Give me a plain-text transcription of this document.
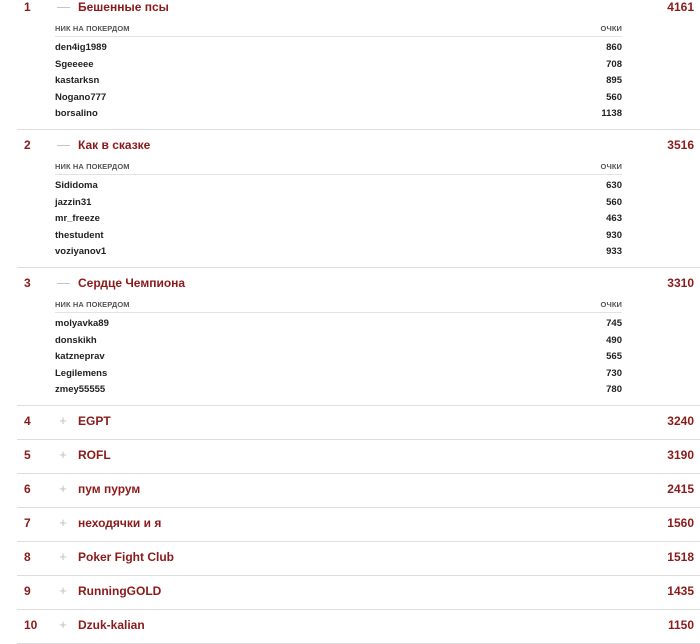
1 — Бешенные псы	4161
НИК НА ПОКЕРДОМ	ОЧКИ
den4ig1989	860
Sgeeeee	708
kastarksn	895
Nogano777	560
borsalino	1138
2 — Как в сказке	3516
НИК НА ПОКЕРДОМ	ОЧКИ
Sididoma	630
jazzin31	560
mr_freeze	463
thestudent	930
voziyanov1	933
3 — Сердце Чемпиона	3310
НИК НА ПОКЕРДОМ	ОЧКИ
molyavka89	745
donskikh	490
katzneprav	565
Legilemens	730
zmey55555	780
4 + EGPT	3240
5 + ROFL	3190
6 + пум пурум	2415
7 + неходячки и я	1560
8 + Poker Fight Club	1518
9 + RunningGOLD	1435
10 + Dzuk-kalian	1150
